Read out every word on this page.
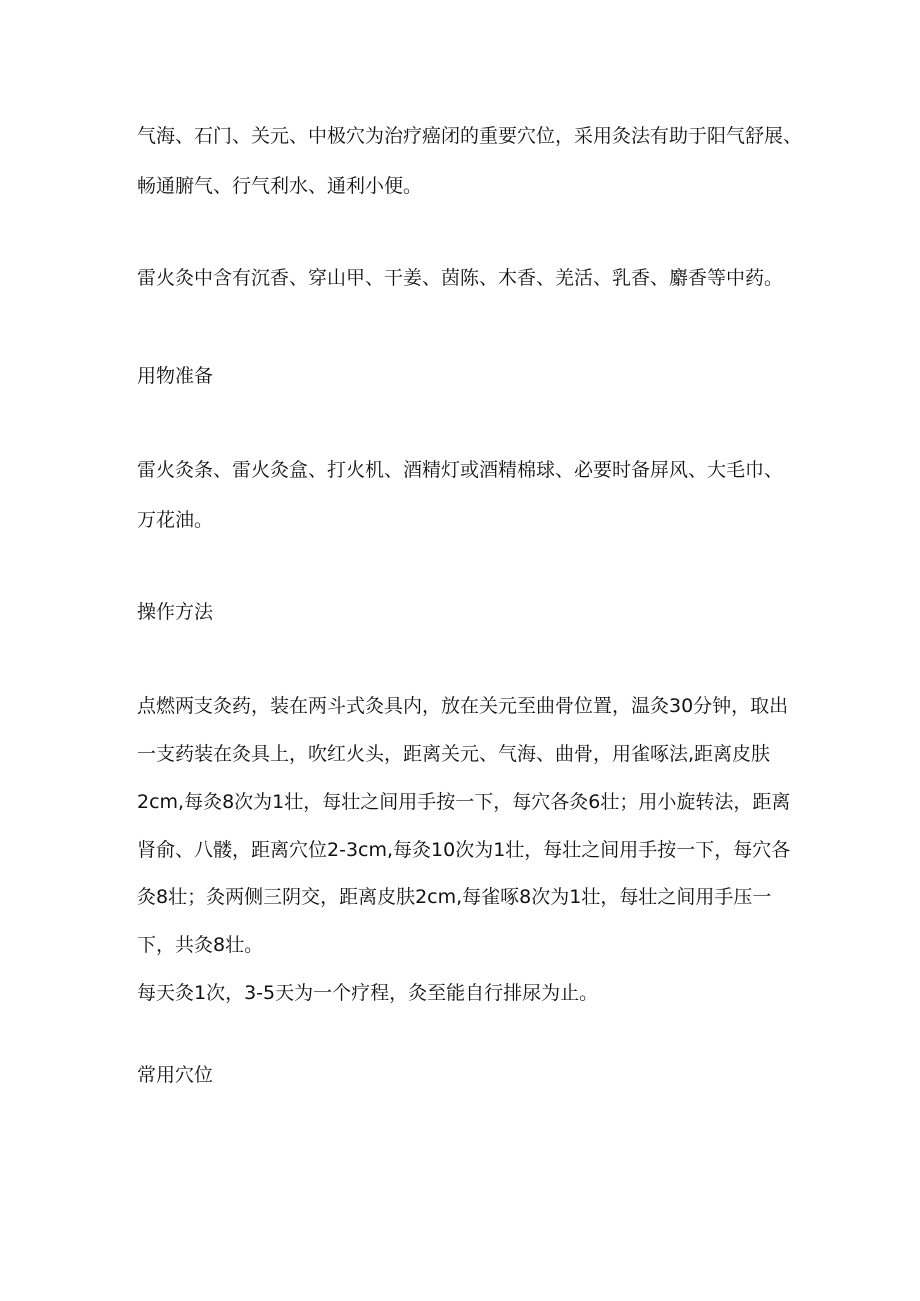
气海、石门、关元、中极穴为治疗癌闭的重要穴位，采用灸法有助于阳气舒展、
畅通腑气、行气利水、通利小便。
雷火灸中含有沉香、穿山甲、干姜、茵陈、木香、羌活、乳香、麝香等中药。
用物准备
雷火灸条、雷火灸盒、打火机、酒精灯或酒精棉球、必要时备屏风、大毛巾、
万花油。
操作方法
点燃两支灸药，装在两斗式灸具内，放在关元至曲骨位置，温灸30分钟，取出
一支药装在灸具上，吹红火头，距离关元、气海、曲骨，用雀啄法,距离皮肤
2cm,每灸8次为1壮，每壮之间用手按一下，每穴各灸6壮；用小旋转法，距离
肾俞、八髅，距离穴位2-3cm,每灸10次为1壮，每壮之间用手按一下，每穴各
灸8壮；灸两侧三阴交，距离皮肤2cm,每雀啄8次为1壮，每壮之间用手压一
下，共灸8壮。
每天灸1次，3-5天为一个疗程，灸至能自行排尿为止。
常用穴位
